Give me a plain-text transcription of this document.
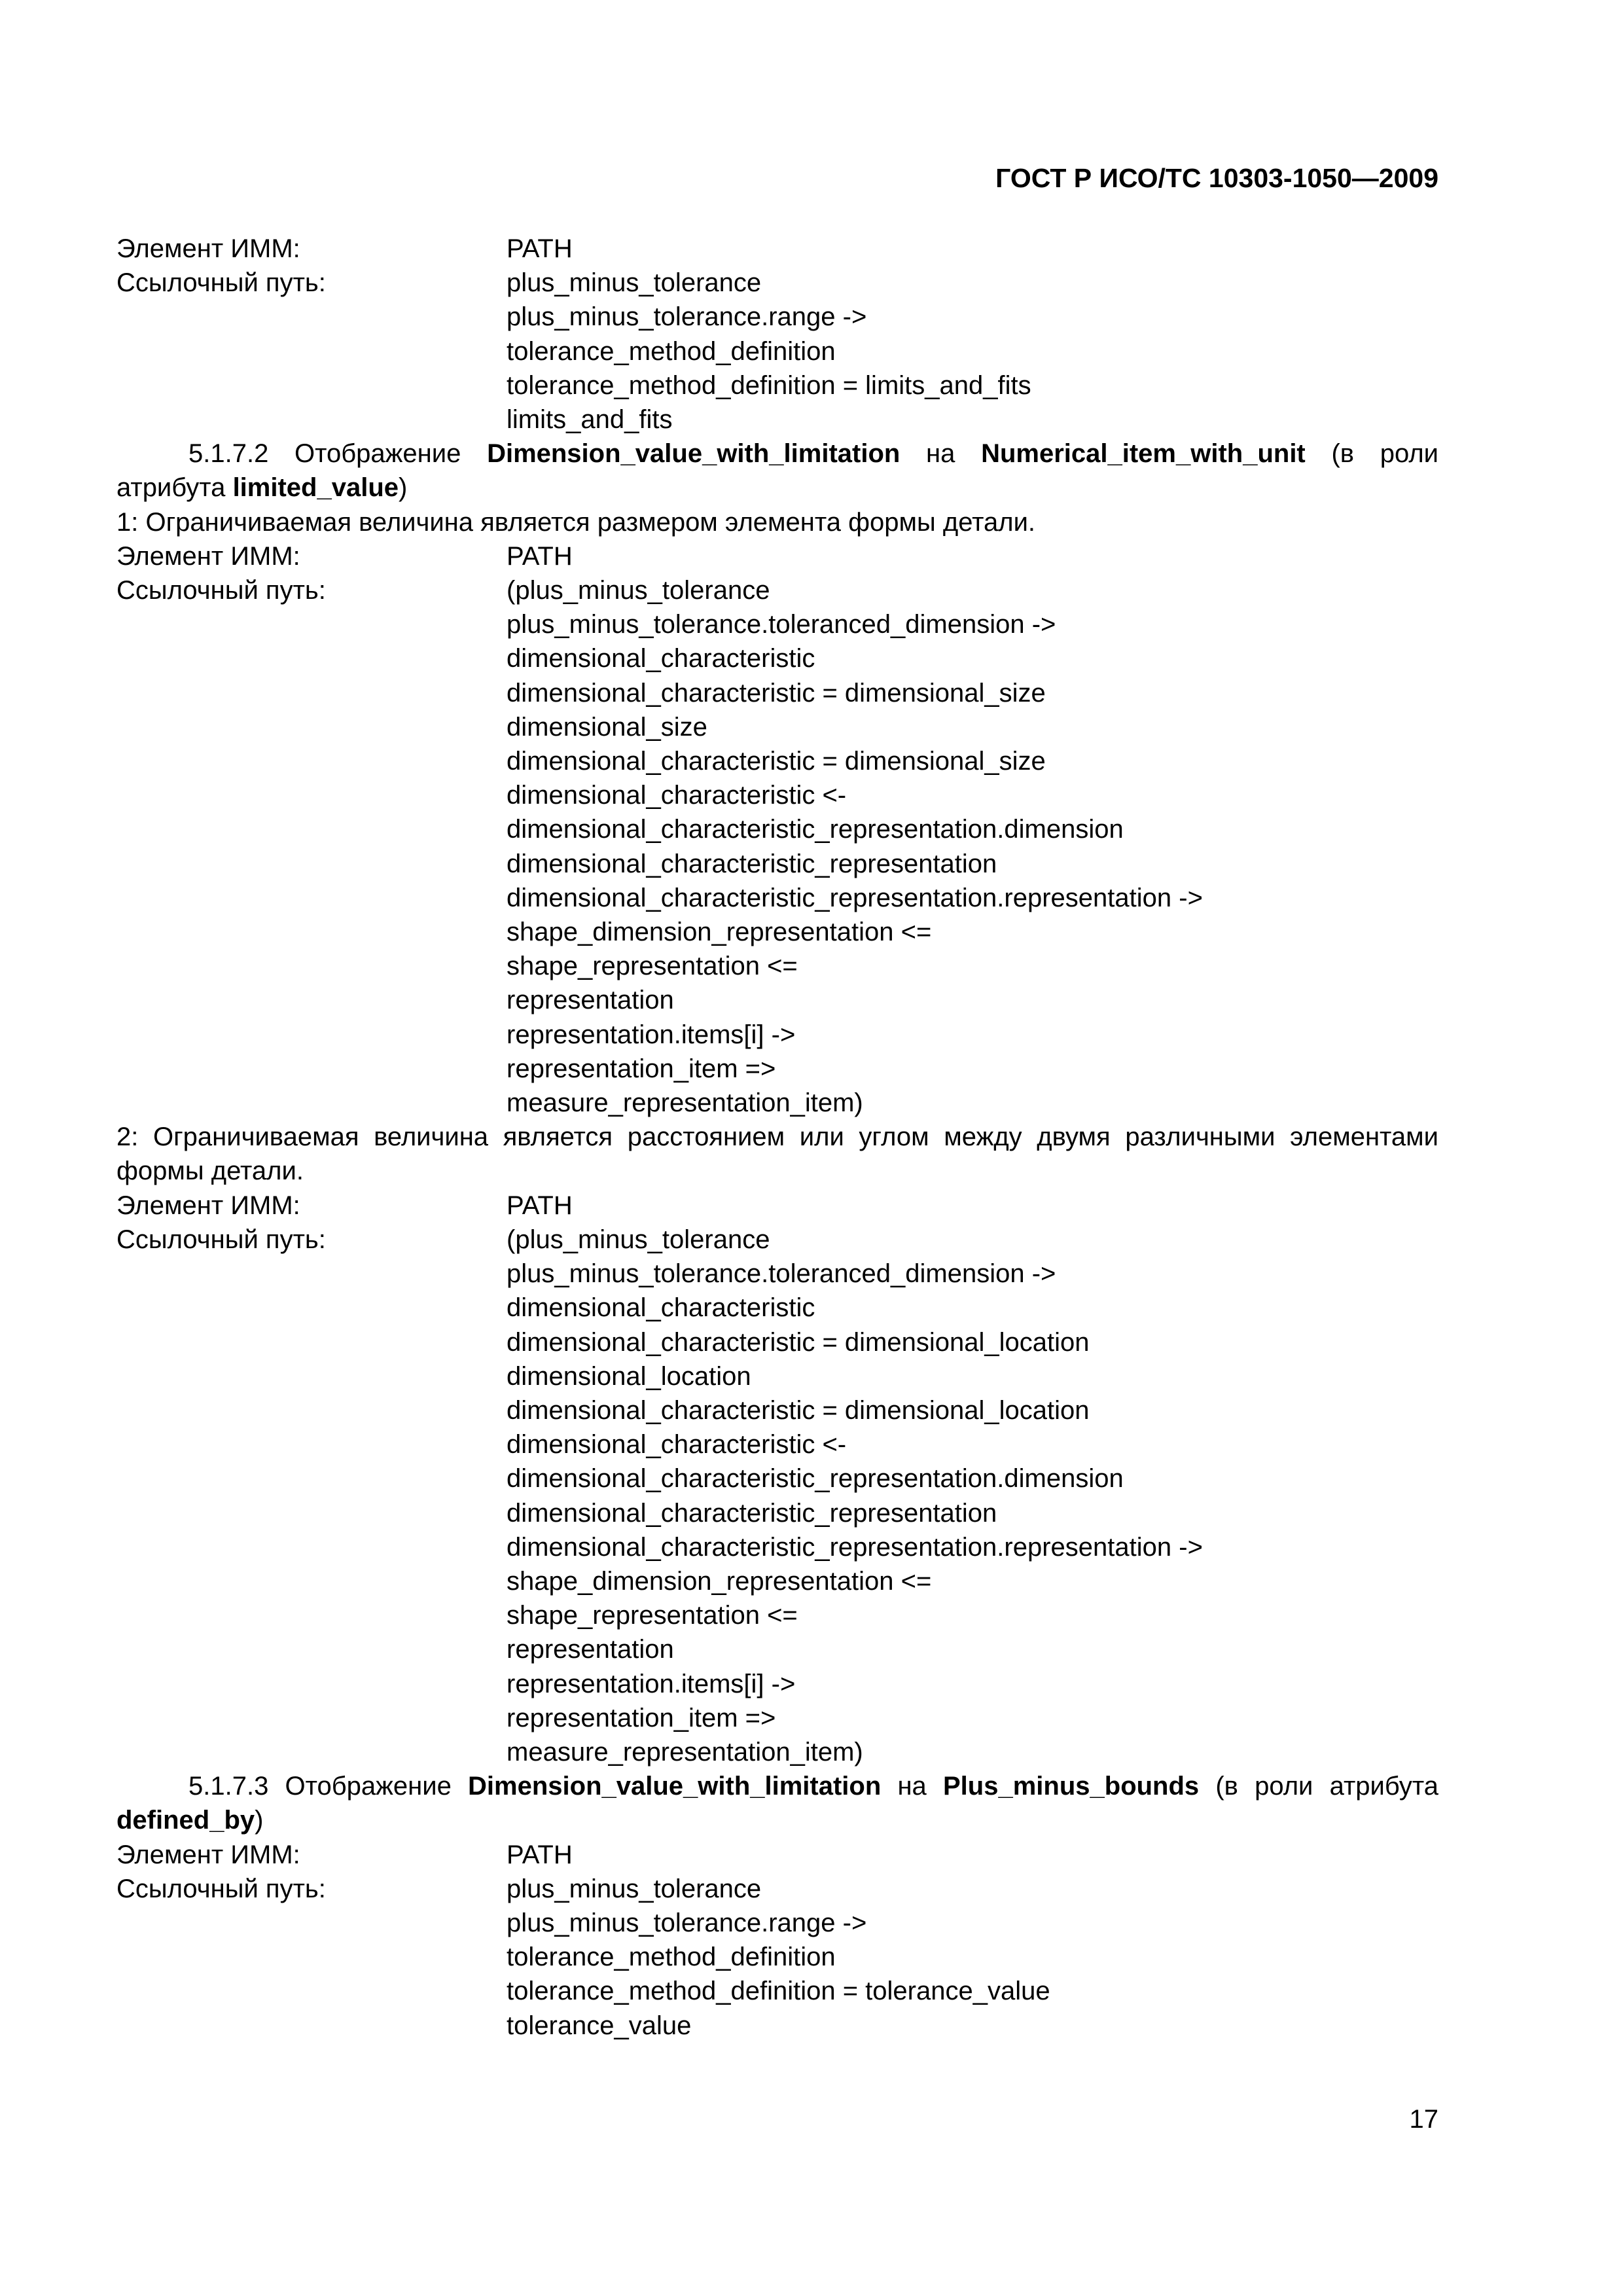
ГОСТ Р ИСО/ТС 10303-1050—2009
Элемент ИММ:	PATH
Ссылочный путь:	plus_minus_tolerance
plus_minus_tolerance.range ->
tolerance_method_definition
tolerance_method_definition = limits_and_fits
limits_and_fits
5.1.7.2 Отображение Dimension_value_with_limitation на Numerical_item_with_unit (в роли атрибута limited_value)
1: Ограничиваемая величина является размером элемента формы детали.
Элемент ИММ:	PATH
Ссылочный путь:	(plus_minus_tolerance
plus_minus_tolerance.toleranced_dimension ->
dimensional_characteristic
dimensional_characteristic = dimensional_size
dimensional_size
dimensional_characteristic = dimensional_size
dimensional_characteristic <-
dimensional_characteristic_representation.dimension
dimensional_characteristic_representation
dimensional_characteristic_representation.representation ->
shape_dimension_representation <=
shape_representation <=
representation
representation.items[i] ->
representation_item =>
measure_representation_item)
2: Ограничиваемая величина является расстоянием или углом между двумя различными элементами формы детали.
Элемент ИММ:	PATH
Ссылочный путь:	(plus_minus_tolerance
plus_minus_tolerance.toleranced_dimension ->
dimensional_characteristic
dimensional_characteristic = dimensional_location
dimensional_location
dimensional_characteristic = dimensional_location
dimensional_characteristic <-
dimensional_characteristic_representation.dimension
dimensional_characteristic_representation
dimensional_characteristic_representation.representation ->
shape_dimension_representation <=
shape_representation <=
representation
representation.items[i] ->
representation_item =>
measure_representation_item)
5.1.7.3 Отображение Dimension_value_with_limitation на Plus_minus_bounds (в роли атрибута defined_by)
Элемент ИММ:	PATH
Ссылочный путь:	plus_minus_tolerance
plus_minus_tolerance.range ->
tolerance_method_definition
tolerance_method_definition = tolerance_value
tolerance_value
17
